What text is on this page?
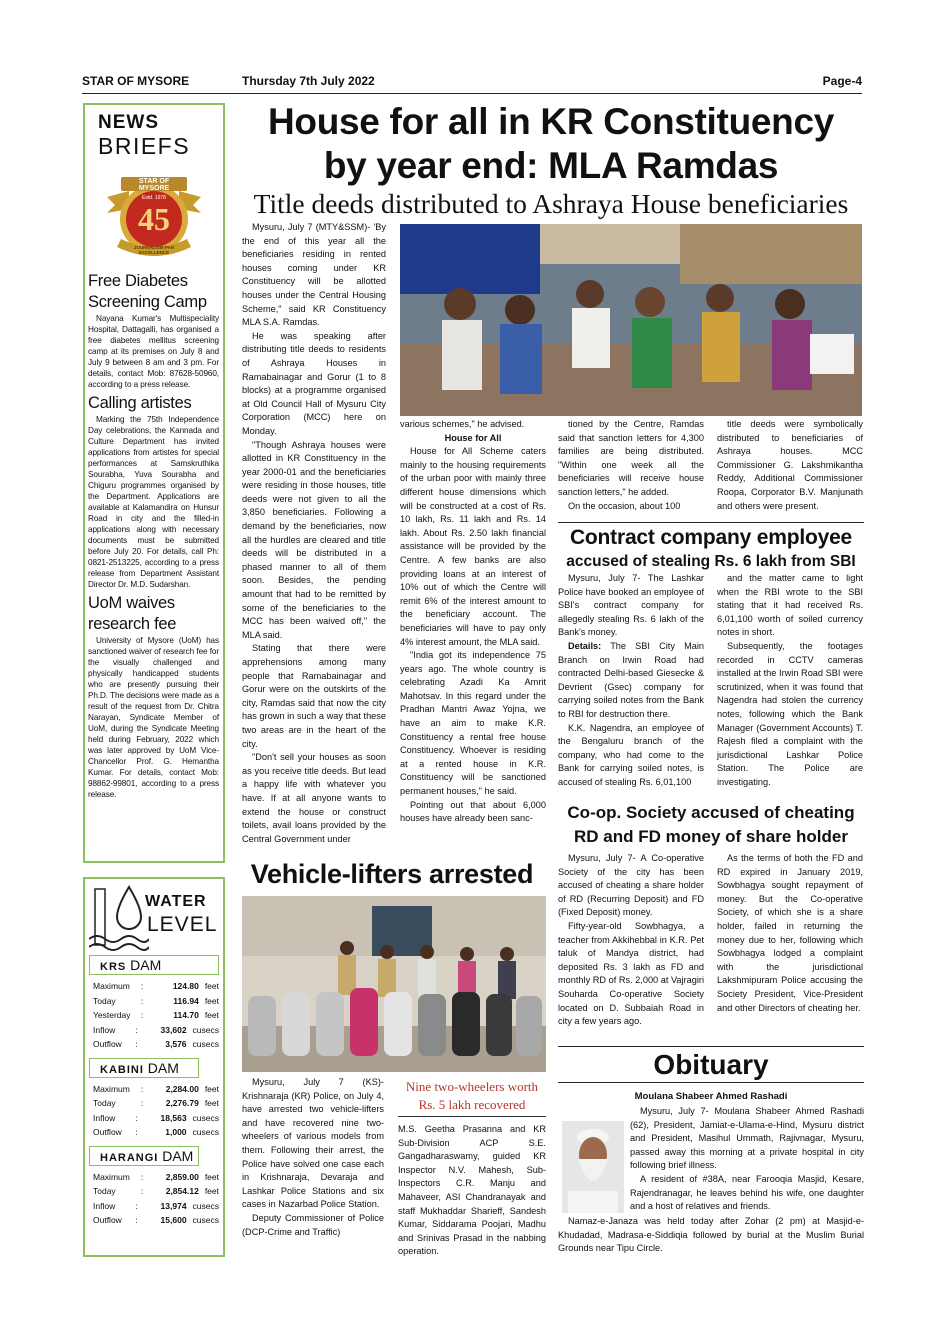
STAR OF MYSORE	Thursday 7th July 2022	Page-4
NEWS
BRIEFS
STAR OF MYSORE
Estd. 1978
45
JOURNALISM PAR EXCELLENCE
Free Diabetes Screening Camp
Nayana Kumar's Multispeciality Hospital, Dattagalli, has organised a free diabetes mellitus screening camp at its premises on July 8 and July 9 between 8 am and 3 pm. For details, contact Mob: 87628-50960, according to a press release.
Calling artistes
Marking the 75th Independence Day celebrations, the Kannada and Culture Department has invited applications from artistes for special performances at Samskruthika Sourabha, Yuva Sourabha and Chiguru programmes organised by the Department. Applications are available at Kalamandira on Hunsur Road in city and the filled-in applications along with necessary documents must be submitted before July 20. For details, call Ph: 0821-2513225, according to a press release from Department Assistant Director Dr. M.D. Sudarshan.
UoM waives research fee
University of Mysore (UoM) has sanctioned waiver of research fee for the visually challenged and physically handicapped students who are presently pursuing their Ph.D. The decisions were made as a result of the request from Dr. Chitra Narayan, Syndicate Member of UoM, during the Syndicate Meeting held during February, 2022 which was later approved by UoM Vice-Chancellor Prof. G. Hemantha Kumar. For details, contact Mob: 98862-99801, according to a press release.
WATER
LEVEL
KRS DAM
Maximum	:	124.80 feet
Today	:	116.94 feet
Yesterday	:	114.70 feet
Inflow	:	33,602 cusecs
Outflow	:	3,576 cusecs
KABINI DAM
Maximum	:	2,284.00 feet
Today	:	2,276.79 feet
Inflow	:	18,563 cusecs
Outflow	:	1,000 cusecs
HARANGI DAM
Maximum	:	2,859.00 feet
Today	:	2,854.12 feet
Inflow	:	13,974 cusecs
Outflow	:	15,600 cusecs
House for all in KR Constituency
by year end: MLA Ramdas
Title deeds distributed to Ashraya House beneficiaries

Mysuru, July 7 (MTY&SSM)- 'By the end of this year all the beneficiaries residing in rented houses coming under KR Constituency will be allotted houses under the Central Housing Scheme," said KR Constituency MLA S.A. Ramdas.

He was speaking after distributing title deeds to residents of Ashraya Houses in Ramabainagar and Gorur (1 to 8 blocks) at a programme organised at Old Council Hall of Mysuru City Corporation (MCC) here on Monday.

"Though Ashraya houses were allotted in KR Constituency in the year 2000-01 and the beneficiaries were residing in those houses, title deeds were not given to all the 3,850 beneficiaries. Following a demand by the beneficiaries, now all the hurdles are cleared and title deeds will be distributed in a phased manner to all of them soon. Besides, the pending amount that had to be remitted by some of the beneficiaries to the MCC has been waived off," the MLA said.

Stating that there were apprehensions among many people that Ramabainagar and Gorur were on the outskirts of the city, Ramdas said that now the city has grown in such a way that these two areas are in the heart of the city.

"Don't sell your houses as soon as you receive title deeds. But lead a happy life with whatever you have. If at all anyone wants to extend the house or construct toilets, avail loans provided by the Central Government under

various schemes," he advised.

House for All

House for All Scheme caters mainly to the housing requirements of the urban poor with mainly three different house dimensions which will be constructed at a cost of Rs. 10 lakh, Rs. 11 lakh and Rs. 14 lakh. About Rs. 2.50 lakh financial assistance will be provided by the Centre. A few banks are also providing loans at an interest of 10% out of which the Centre will remit 6% of the interest amount to the beneficiary account. The beneficiaries will have to pay only 4% interest amount, the MLA said.

"India got its independence 75 years ago. The whole country is celebrating Azadi Ka Amrit Mahotsav. In this regard under the Pradhan Mantri Awaz Yojna, we have an aim to make K.R. Constituency a rental free house Constituency. Whoever is residing at a rented house in K.R. Constituency will be sanctioned permanent houses," he said.

Pointing out that about 6,000 houses have already been sanc-

tioned by the Centre, Ramdas said that sanction letters for 4,300 families are being distributed. "Within one week all the beneficiaries will receive house sanction letters," he added.

On the occasion, about 100

title deeds were symbolically distributed to beneficiaries of Ashraya houses. MCC Commissioner G. Lakshmikantha Reddy, Additional Commissioner Roopa, Corporator B.V. Manjunath and others were present.

Contract company employee
accused of stealing Rs. 6 lakh from SBI

Mysuru, July 7- The Lashkar Police have booked an employee of SBI's contract company for allegedly stealing Rs. 6 lakh of the Bank's money.

Details: The SBI City Main Branch on Irwin Road had contracted Delhi-based Giesecke & Devrient (Gsec) company for carrying soiled notes from the Bank to RBI for destruction there.

K.K. Nagendra, an employee of the Bengaluru branch of the company, who had come to the Bank for carrying soiled notes, is accused of stealing Rs. 6,01,100

and the matter came to light when the RBI wrote to the SBI stating that it had received Rs. 6,01,100 worth of soiled currency notes in short.

Subsequently, the footages recorded in CCTV cameras installed at the Irwin Road SBI were scrutinized, when it was found that Nagendra had stolen the currency notes, following which the Bank Manager (Government Accounts) T. Rajesh filed a complaint with the jurisdictional Lashkar Police Station. The Police are investigating.

Co-op. Society accused of cheating
RD and FD money of share holder

Mysuru, July 7- A Co-operative Society of the city has been accused of cheating a share holder of RD (Recurring Deposit) and FD (Fixed Deposit) money.

Fifty-year-old Sowbhagya, a teacher from Akkihebbal in K.R. Pet taluk of Mandya district, had deposited Rs. 3 lakh as FD and monthly RD of Rs. 2,000 at Vajragiri Souharda Co-operative Society located on D. Subbaiah Road in city a few years ago.

As the terms of both the FD and RD expired in January 2019, Sowbhagya sought repayment of money. But the Co-operative Society, of which she is a share holder, failed in returning the money due to her, following which Sowbhagya lodged a complaint with the jurisdictional Lakshmipuram Police accusing the Society President, Vice-President and other Directors of cheating her.

Vehicle-lifters arrested

Mysuru, July 7 (KS)- Krishnaraja (KR) Police, on July 4, have arrested two vehicle-lifters and have recovered nine two-wheelers of various models from them. Following their arrest, the Police have solved one case each in Krishnaraja, Devaraja and Lashkar Police Stations and six cases in Nazarbad Police Station.

Deputy Commissioner of Police (DCP-Crime and Traffic)

Nine two-wheelers worth
Rs. 5 lakh recovered

M.S. Geetha Prasanna and KR Sub-Division ACP S.E. Gangadharaswamy, guided KR Inspector N.V. Mahesh, Sub-Inspectors C.R. Manju and Mahaveer, ASI Chandranayak and staff Mukhaddar Sharieff, Sandesh Kumar, Siddarama Poojari, Madhu and Srinivas Prasad in the nabbing operation.

Obituary
Moulana Shabeer Ahmed Rashadi

Mysuru, July 7- Moulana Shabeer Ahmed Rashadi (62), President, Jamiat-e-Ulama-e-Hind, Mysuru district and President, Masihul Ummath, Rajivnagar, Mysuru, passed away this morning at a private hospital in city following brief illness.

A resident of #38A, near Farooqia Masjid, Kesare, Rajendranagar, he leaves behind his wife, one daughter and a host of relatives and friends.

Namaz-e-Janaza was held today after Zohar (2 pm) at Masjid-e-Khudadad, Madrasa-e-Siddiqia followed by burial at the Muslim Burial Grounds near Tipu Circle.
